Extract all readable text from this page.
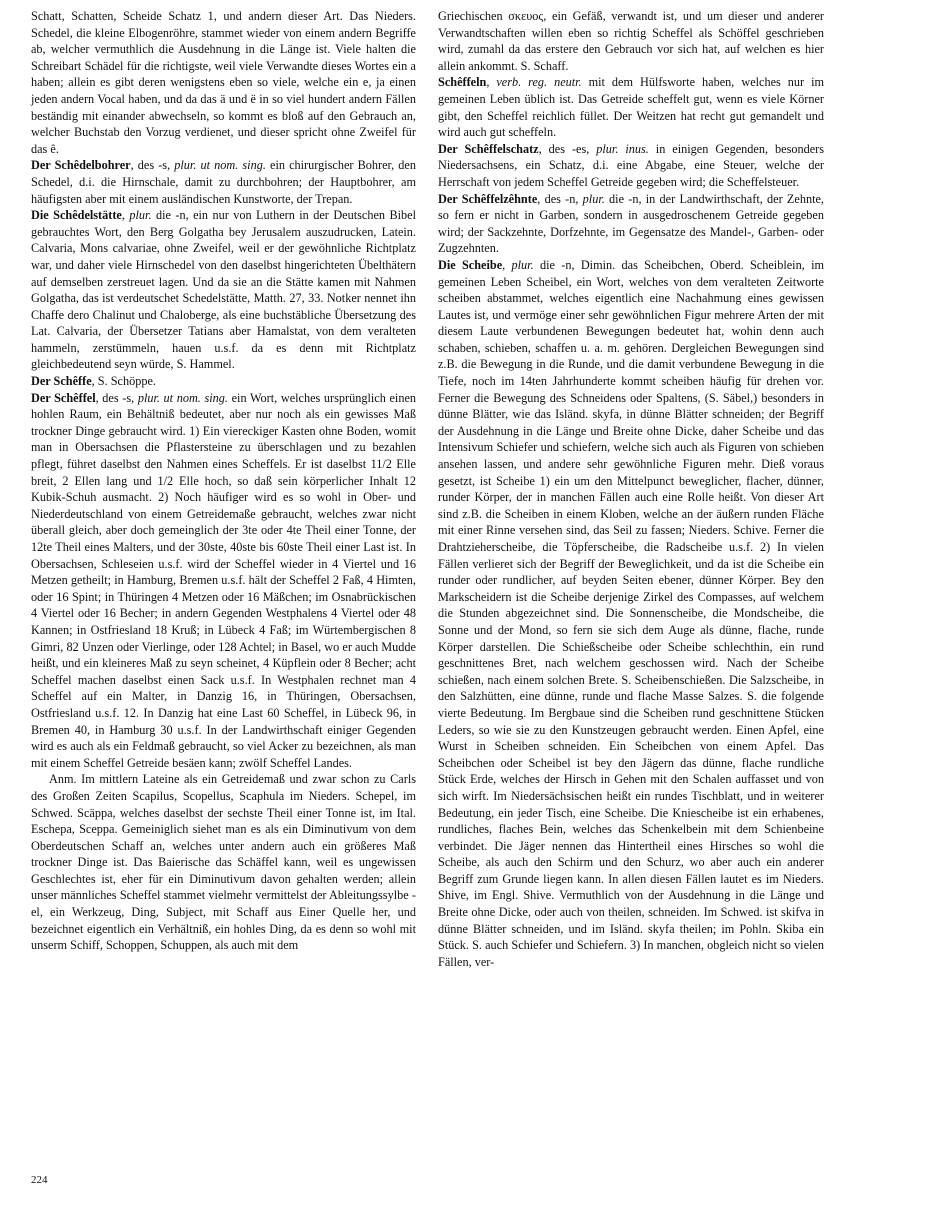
Schatt, Schatten, Scheide Schatz 1, und andern dieser Art. Das Nieders. Schedel, die kleine Elbogenröhre, stammet wieder von einem andern Begriffe ab, welcher vermuthlich die Ausdehnung in die Länge ist. Viele halten die Schreibart Schädel für die richtigste, weil viele Verwandte dieses Wortes ein a haben; allein es gibt deren wenigstens eben so viele, welche ein e, ja einen jeden andern Vocal haben, und da das ä und ë in so viel hundert andern Fällen beständig mit einander abwechseln, so kommt es bloß auf den Gebrauch an, welcher Buchstab den Vorzug verdienet, und dieser spricht ohne Zweifel für das ê.

Der Schêdelbohrer, des -s, plur. ut nom. sing. ein chirurgischer Bohrer, den Schedel, d.i. die Hirnschale, damit zu durchbohren; der Hauptbohrer, am häufigsten aber mit einem ausländischen Kunstworte, der Trepan.

Die Schêdelstätte, plur. die -n, ein nur von Luthern in der Deutschen Bibel gebrauchtes Wort, den Berg Golgatha bey Jerusalem auszudrucken, Latein. Calvaria, Mons calvariae, ohne Zweifel, weil er der gewöhnliche Richtplatz war, und daher viele Hirnschedel von den daselbst hingerichteten Übelthätern auf demselben zerstreuet lagen. Und da sie an die Stätte kamen mit Nahmen Golgatha, das ist verdeutschet Schedelstätte, Matth. 27, 33. Notker nennet ihn Chaffe dero Chalinut und Chaloberge, als eine buchstäbliche Übersetzung des Lat. Calvaria, der Übersetzer Tatians aber Hamalstat, von dem veralteten hammeln, zerstümmeln, hauen u.s.f. da es denn mit Richtplatz gleichbedeutend seyn würde, S. Hammel.

Der Schêffe, S. Schöppe.

Der Schêffel, des -s, plur. ut nom. sing. ein Wort, welches ursprünglich einen hohlen Raum, ein Behältniß bedeutet, aber nur noch als ein gewisses Maß trockner Dinge gebraucht wird. 1) Ein viereckiger Kasten ohne Boden, womit man in Obersachsen die Pflastersteine zu überschlagen und zu bezahlen pflegt, führet daselbst den Nahmen eines Scheffels. Er ist daselbst 11/2 Elle breit, 2 Ellen lang und 1/2 Elle hoch, so daß sein körperlicher Inhalt 12 Kubik-Schuh ausmacht. 2) Noch häufiger wird es so wohl in Ober- und Niederdeutschland von einem Getreidemaße gebraucht, welches zwar nicht überall gleich, aber doch gemeinglich der 3te oder 4te Theil einer Tonne, der 12te Theil eines Malters, und der 30ste, 40ste bis 60ste Theil einer Last ist. In Obersachsen, Schleseien u.s.f. wird der Scheffel wieder in 4 Viertel und 16 Metzen getheilt; in Hamburg, Bremen u.s.f. hält der Scheffel 2 Faß, 4 Himten, oder 16 Spint; in Thüringen 4 Metzen oder 16 Mäßchen; im Osnabrückischen 4 Viertel oder 16 Becher; in andern Gegenden Westphalens 4 Viertel oder 48 Kannen; in Ostfriesland 18 Kruß; in Lübeck 4 Faß; im Würtembergischen 8 Gimri, 82 Unzen oder Vierlinge, oder 128 Achtel; in Basel, wo er auch Mudde heißt, und ein kleineres Maß zu seyn scheinet, 4 Küpflein oder 8 Becher; acht Scheffel machen daselbst einen Sack u.s.f. In Westphalen rechnet man 4 Scheffel auf ein Malter, in Danzig 16, in Thüringen, Obersachsen, Ostfriesland u.s.f. 12. In Danzig hat eine Last 60 Scheffel, in Lübeck 96, in Bremen 40, in Hamburg 30 u.s.f. In der Landwirthschaft einiger Gegenden wird es auch als ein Feldmaß gebraucht, so viel Acker zu bezeichnen, als man mit einem Scheffel Getreide besäen kann; zwölf Scheffel Landes.

Anm. Im mittlern Lateine als ein Getreidemaß und zwar schon zu Carls des Großen Zeiten Scapilus, Scopellus, Scaphula im Nieders. Schepel, im Schwed. Scäppa, welches daselbst der sechste Theil einer Tonne ist, im Ital. Eschepa, Sceppa. Gemeiniglich siehet man es als ein Diminutivum von dem Oberdeutschen Schaff an, welches unter andern auch ein größeres Maß trockner Dinge ist. Das Baierische das Schäffel kann, weil es ungewissen Geschlechtes ist, eher für ein Diminutivum davon gehalten werden; allein unser männliches Scheffel stammet vielmehr vermittelst der Ableitungssylbe -el, ein Werkzeug, Ding, Subject, mit Schaff aus Einer Quelle her, und bezeichnet eigentlich ein Verhältniß, ein hohles Ding, da es denn so wohl mit unserm Schiff, Schoppen, Schuppen, als auch mit dem

Griechischen σκευος, ein Gefäß, verwandt ist, und um dieser und anderer Verwandtschaften willen eben so richtig Scheffel als Schöffel geschrieben wird, zumahl da das erstere den Gebrauch vor sich hat, auf welchen es hier allein ankommt. S. Schaff.

Schêffeln, verb. reg. neutr. mit dem Hülfsworte haben, welches nur im gemeinen Leben üblich ist. Das Getreide scheffelt gut, wenn es viele Körner gibt, den Scheffel reichlich füllet. Der Weitzen hat recht gut gemandelt und wird auch gut scheffeln.

Der Schêffelschatz, des -es, plur. inus. in einigen Gegenden, besonders Niedersachsens, ein Schatz, d.i. eine Abgabe, eine Steuer, welche der Herrschaft von jedem Scheffel Getreide gegeben wird; die Scheffelsteuer.

Der Schêffelzêhnte, des -n, plur. die -n, in der Landwirthschaft, der Zehnte, so fern er nicht in Garben, sondern in ausgedroschenem Getreide gegeben wird; der Sackzehnte, Dorfzehnte, im Gegensatze des Mandel-, Garben- oder Zugzehnten.

Die Scheibe, plur. die -n, Dimin. das Scheibchen, Oberd. Scheiblein, im gemeinen Leben Scheibel, ein Wort, welches von dem veralteten Zeitworte scheiben abstammet, welches eigentlich eine Nachahmung eines gewissen Lautes ist, und vermöge einer sehr gewöhnlichen Figur mehrere Arten der mit diesem Laute verbundenen Bewegungen bedeutet hat, wohin denn auch schaben, schieben, schaffen u. a. m. gehören. Dergleichen Bewegungen sind z.B. die Bewegung in die Runde, und die damit verbundene Bewegung in die Tiefe, noch im 14ten Jahrhunderte kommt scheiben häufig für drehen vor. Ferner die Bewegung des Schneidens oder Spaltens, (S. Säbel,) besonders in dünne Blätter, wie das Isländ. skyfa, in dünne Blätter schneiden; der Begriff der Ausdehnung in die Länge und Breite ohne Dicke, daher Scheibe und das Intensivum Schiefer und schiefern, welche sich auch als Figuren von schieben ansehen lassen, und andere sehr gewöhnliche Figuren mehr. Dieß voraus gesetzt, ist Scheibe 1) ein um den Mittelpunct beweglicher, flacher, dünner, runder Körper, der in manchen Fällen auch eine Rolle heißt. Von dieser Art sind z.B. die Scheiben in einem Kloben, welche an der äußern runden Fläche mit einer Rinne versehen sind, das Seil zu fassen; Nieders. Schive. Ferner die Drahtzieherscheibe, die Töpferscheibe, die Radscheibe u.s.f. 2) In vielen Fällen verlieret sich der Begriff der Beweglichkeit, und da ist die Scheibe ein runder oder rundlicher, auf beyden Seiten ebener, dünner Körper. Bey den Markscheidern ist die Scheibe derjenige Zirkel des Compasses, auf welchem die Stunden abgezeichnet sind. Die Sonnenscheibe, die Mondscheibe, die Sonne und der Mond, so fern sie sich dem Auge als dünne, flache, runde Körper darstellen. Die Schießscheibe oder Scheibe schlechthin, ein rund geschnittenes Bret, nach welchem geschossen wird. Nach der Scheibe schießen, nach einem solchen Brete. S. Scheibenschießen. Die Salzscheibe, in den Salzhütten, eine dünne, runde und flache Masse Salzes. S. die folgende vierte Bedeutung. Im Bergbaue sind die Scheiben rund geschnittene Stücken Leders, so wie sie zu den Kunstzeugen gebraucht werden. Einen Apfel, eine Wurst in Scheiben schneiden. Ein Scheibchen von einem Apfel. Das Scheibchen oder Scheibel ist bey den Jägern das dünne, flache rundliche Stück Erde, welches der Hirsch in Gehen mit den Schalen auffasset und von sich wirft. Im Niedersächsischen heißt ein rundes Tischblatt, und in weiterer Bedeutung, ein jeder Tisch, eine Scheibe. Die Kniescheibe ist ein erhabenes, rundliches, flaches Bein, welches das Schenkelbein mit dem Schienbeine verbindet. Die Jäger nennen das Hintertheil eines Hirsches so wohl die Scheibe, als auch den Schirm und den Schurz, wo aber auch ein anderer Begriff zum Grunde liegen kann. In allen diesen Fällen lautet es im Nieders. Shive, im Engl. Shive. Vermuthlich von der Ausdehnung in die Länge und Breite ohne Dicke, oder auch von theilen, schneiden. Im Schwed. ist skifva in dünne Blätter schneiden, und im Isländ. skyfa theilen; im Pohln. Skiba ein Stück. S. auch Schiefer und Schiefern. 3) In manchen, obgleich nicht so vielen Fällen, ver-

224
